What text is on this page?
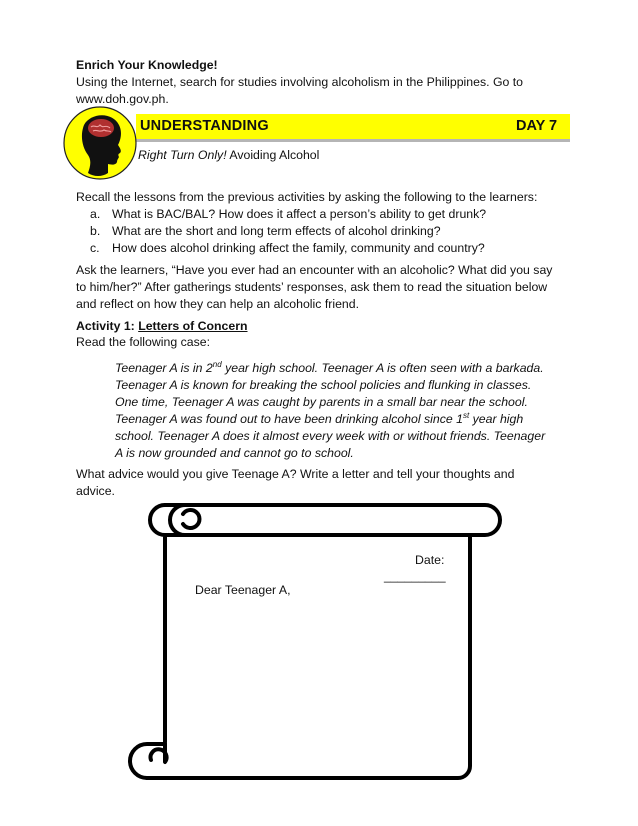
Enrich Your Knowledge!
Using the Internet, search for studies involving alcoholism in the Philippines. Go to
www.doh.gov.ph.
UNDERSTANDING	DAY 7
Right Turn Only! Avoiding Alcohol
Recall the lessons from the previous activities by asking the following to the learners:
a. What is BAC/BAL? How does it affect a person’s ability to get drunk?
b. What are the short and long term effects of alcohol drinking?
c. How does alcohol drinking affect the family, community and country?
Ask the learners, “Have you ever had an encounter with an alcoholic? What did you say
to him/her?” After gatherings students’ responses, ask them to read the situation below
and reflect on how they can help an alcoholic friend.
Activity 1: Letters of Concern
Read the following case:
Teenager A is in 2nd year high school. Teenager A is often seen with a barkada.
Teenager A is known for breaking the school policies and flunking in classes.
One time, Teenager A was caught by parents in a small bar near the school.
Teenager A was found out to have been drinking alcohol since 1st year high
school. Teenager A does it almost every week with or without friends. Teenager
A is now grounded and cannot go to school.
What advice would you give Teenage A? Write a letter and tell your thoughts and
advice.
Date:
_________
Dear Teenager A,
